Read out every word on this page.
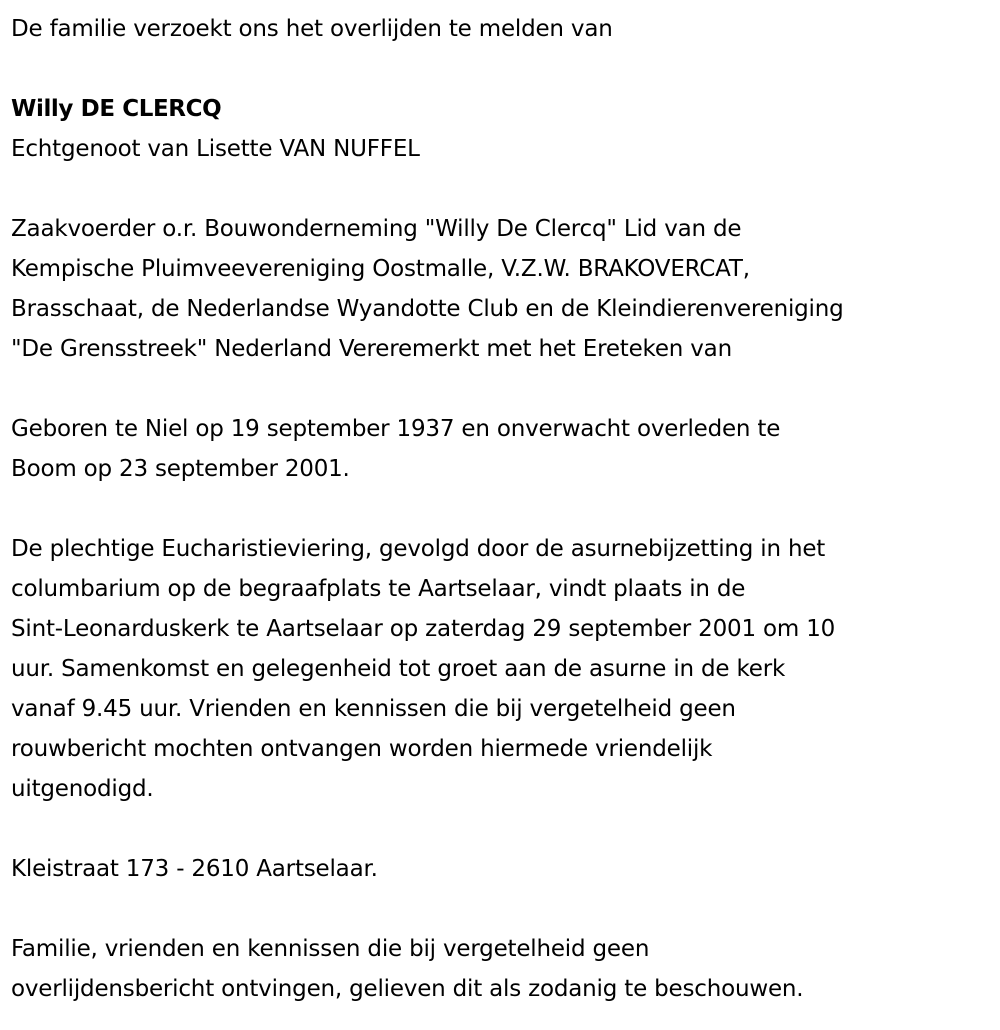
De familie verzoekt ons het overlijden te melden van

Willy DE CLERCQ

Echtgenoot van Lisette VAN NUFFEL

Zaakvoerder o.r. Bouwonderneming "Willy De Clercq" Lid van de

Kempische Pluimveevereniging Oostmalle, V.Z.W. BRAKOVERCAT,

Brasschaat, de Nederlandse Wyandotte Club en de Kleindierenvereniging

"De Grensstreek" Nederland Vereremerkt met het Ereteken van

Geboren te Niel op 19 september 1937 en onverwacht overleden te

Boom op 23 september 2001.

De plechtige Eucharistieviering, gevolgd door de asurnebijzetting in het

columbarium op de begraafplats te Aartselaar, vindt plaats in de

Sint-Leonarduskerk te Aartselaar op zaterdag 29 september 2001 om 10

uur. Samenkomst en gelegenheid tot groet aan de asurne in de kerk

vanaf 9.45 uur. Vrienden en kennissen die bij vergetelheid geen

rouwbericht mochten ontvangen worden hiermede vriendelijk

uitgenodigd.

Kleistraat 173 - 2610 Aartselaar.

Familie, vrienden en kennissen die bij vergetelheid geen

overlijdensbericht ontvingen, gelieven dit als zodanig te beschouwen.
